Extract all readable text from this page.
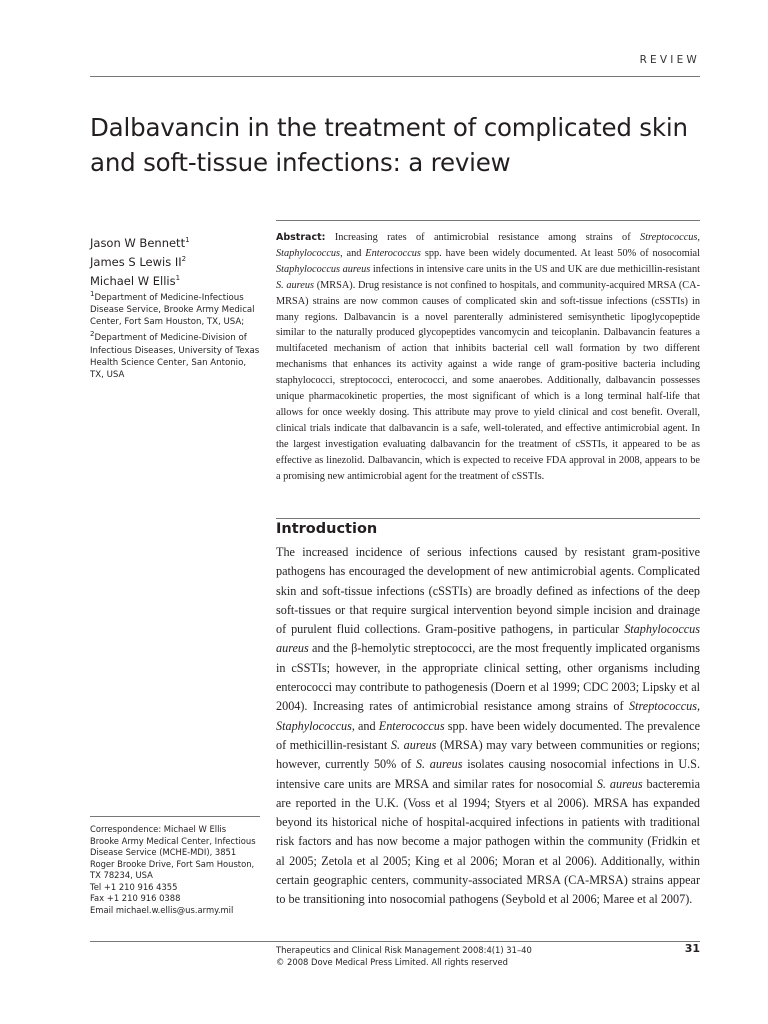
REVIEW
Dalbavancin in the treatment of complicated skin and soft-tissue infections: a review
Jason W Bennett$^1$
James S Lewis $II^2$
Michael W Ellis$^1$
$^1$Department of Medicine-Infectious Disease Service, Brooke Army Medical Center, Fort Sam Houston, TX, USA;
$^2$Department of Medicine-Division of Infectious Diseases, University of Texas Health Science Center, San Antonio, TX, USA
Correspondence: Michael W Ellis
Brooke Army Medical Center, Infectious
Disease Service (MCHE-MDI), 3851
Roger Brooke Drive, Fort Sam Houston,
TX 78234, USA
Tel +1 210 916 4355
Fax +1 210 916 0388
Email michael.w.ellis@us.army.mil

Abstract: Increasing rates of antimicrobial resistance among strains of Streptococcus, Staphylococcus, and Enterococcus spp. have been widely documented. At least 50% of nosocomial Staphylococcus aureus infections in intensive care units in the US and UK are due methicillin-resistant S. aureus (MRSA). Drug resistance is not confined to hospitals, and community-acquired MRSA (CA-MRSA) strains are now common causes of complicated skin and soft-tissue infections (cSSTIs) in many regions. Dalbavancin is a novel parenterally administered semisynthetic lipoglycopeptide similar to the naturally produced glycopeptides vancomycin and teicoplanin. Dalbavancin features a multifaceted mechanism of action that inhibits bacterial cell wall formation by two different mechanisms that enhances its activity against a wide range of gram-positive bacteria including staphylococci, streptococci, enterococci, and some anaerobes. Additionally, dalbavancin possesses unique pharmacokinetic properties, the most significant of which is a long terminal half-life that allows for once weekly dosing. This attribute may prove to yield clinical and cost benefit. Overall, clinical trials indicate that dalbavancin is a safe, well-tolerated, and effective antimicrobial agent. In the largest investigation evaluating dalbavancin for the treatment of cSSTIs, it appeared to be as effective as linezolid. Dalbavancin, which is expected to receive FDA approval in 2008, appears to be a promising new antimicrobial agent for the treatment of cSSTIs.

Introduction

The increased incidence of serious infections caused by resistant gram-positive pathogens has encouraged the development of new antimicrobial agents. Complicated skin and soft-tissue infections (cSSTIs) are broadly defined as infections of the deep soft-tissues or that require surgical intervention beyond simple incision and drainage of purulent fluid collections. Gram-positive pathogens, in particular Staphylococcus aureus and the β-hemolytic streptococci, are the most frequently implicated organisms in cSSTIs; however, in the appropriate clinical setting, other organisms including enterococci may contribute to pathogenesis (Doern et al 1999; CDC 2003; Lipsky et al 2004). Increasing rates of antimicrobial resistance among strains of Streptococcus, Staphylococcus, and Enterococcus spp. have been widely documented. The prevalence of methicillin-resistant S. aureus (MRSA) may vary between communities or regions; however, currently 50% of S. aureus isolates causing nosocomial infections in U.S. intensive care units are MRSA and similar rates for nosocomial S. aureus bacteremia are reported in the U.K. (Voss et al 1994; Styers et al 2006). MRSA has expanded beyond its historical niche of hospital-acquired infections in patients with traditional risk factors and has now become a major pathogen within the community (Fridkin et al 2005; Zetola et al 2005; King et al 2006; Moran et al 2006). Additionally, within certain geographic centers, community-associated MRSA (CA-MRSA) strains appear to be transitioning into nosocomial pathogens (Seybold et al 2006; Maree et al 2007).

Therapeutics and Clinical Risk Management 2008:4(1) 31–40
© 2008 Dove Medical Press Limited. All rights reserved
31
